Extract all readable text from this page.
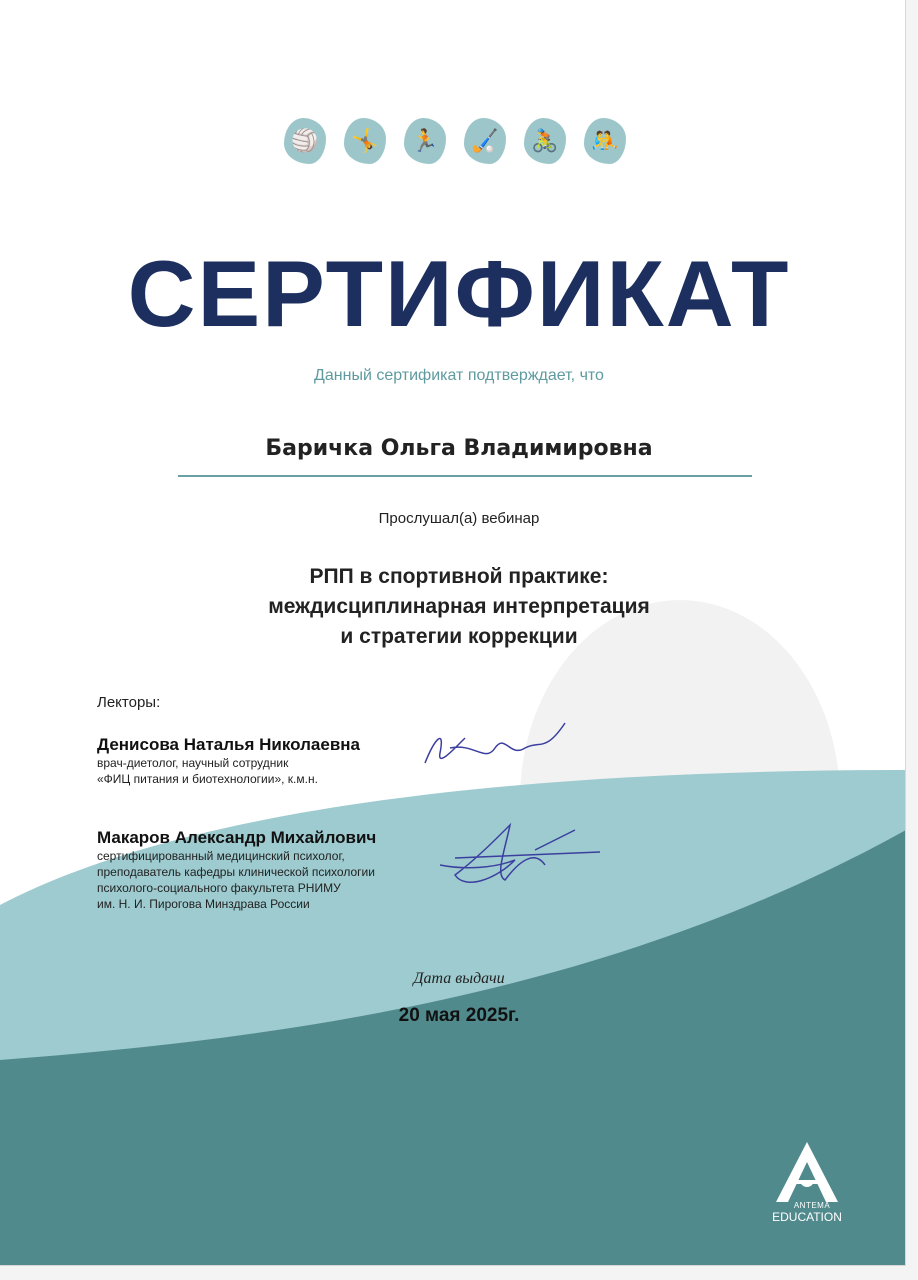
🏐	🤸	🏃	🏑	🚴	🤼
СЕРТИФИКАТ
Данный сертификат подтверждает, что
Баричка Ольга Владимировна
Прослушал(а) вебинар
РПП в спортивной практике:
междисциплинарная интерпретация
и стратегии коррекции
Лекторы:
Денисова Наталья Николаевна
врач-диетолог, научный сотрудник
«ФИЦ питания и биотехнологии», к.м.н.
Макаров Александр Михайлович
сертифицированный медицинский психолог,
преподаватель кафедры клинической психологии
психолого-социального факультета РНИМУ
им. Н. И. Пирогова Минздрава России
Дата выдачи
20 мая 2025г.
ANTEMA
EDUCATION
